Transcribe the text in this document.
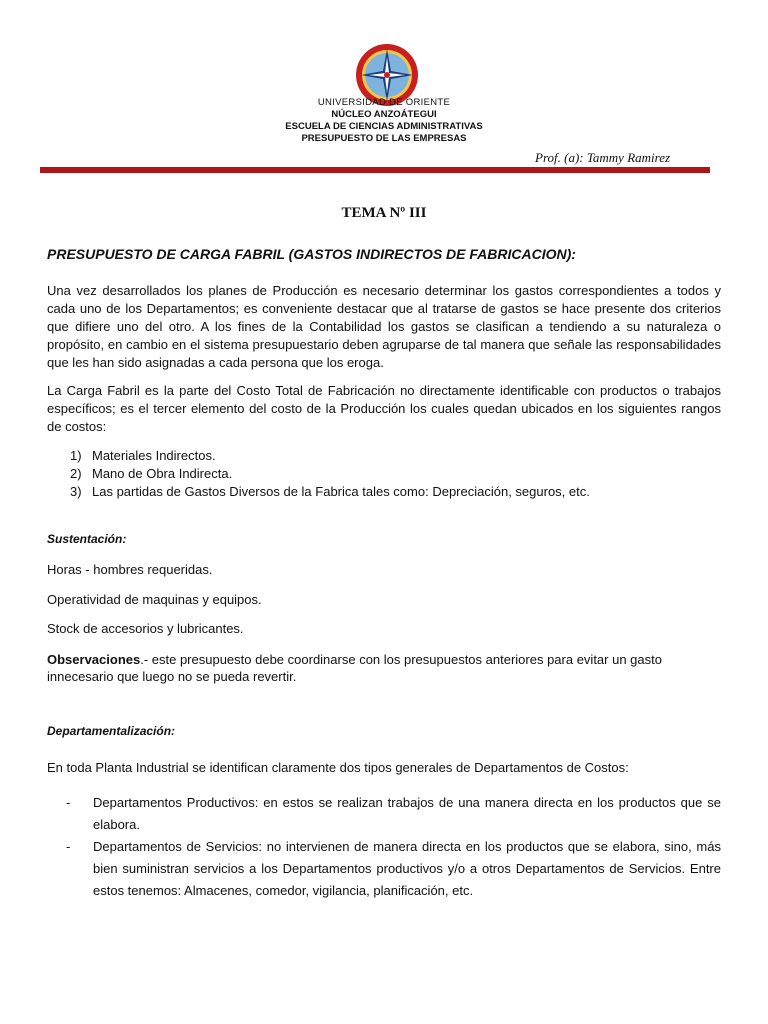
UNIVERSIDAD DE ORIENTE
NÚCLEO ANZOÁTEGUI
ESCUELA DE CIENCIAS ADMINISTRATIVAS
PRESUPUESTO DE LAS EMPRESAS
Prof. (a): Tammy Ramirez
TEMA Nº III
PRESUPUESTO DE CARGA FABRIL (GASTOS INDIRECTOS DE FABRICACION):
Una vez desarrollados los planes de Producción es necesario determinar los gastos correspondientes a todos y cada uno de los Departamentos; es conveniente destacar que al tratarse de gastos se hace presente dos criterios que difiere uno del otro. A los fines de la Contabilidad los gastos se clasifican a tendiendo a su naturaleza o propósito, en cambio en el sistema presupuestario deben agruparse de tal manera que señale las responsabilidades que les han sido asignadas a cada persona que los eroga.
La Carga Fabril es la parte del Costo Total de Fabricación no directamente identificable con productos o trabajos específicos; es el tercer elemento del costo de la Producción los cuales quedan ubicados en los siguientes rangos de costos:
1) Materiales Indirectos.
2) Mano de Obra Indirecta.
3) Las partidas de Gastos Diversos de la Fabrica tales como: Depreciación, seguros, etc.
Sustentación:
Horas - hombres requeridas.
Operatividad de maquinas y equipos.
Stock de accesorios y lubricantes.
Observaciones.- este presupuesto debe coordinarse con los presupuestos anteriores para evitar un gasto innecesario que luego no se pueda revertir.
Departamentalización:
En toda Planta Industrial se identifican claramente dos tipos generales de Departamentos de Costos:
-	Departamentos Productivos: en estos se realizan trabajos de una manera directa en los productos que se elabora.
-	Departamentos de Servicios: no intervienen de manera directa en los productos que se elabora, sino, más bien suministran servicios a los Departamentos productivos y/o a otros Departamentos de Servicios. Entre estos tenemos: Almacenes, comedor, vigilancia, planificación, etc.
